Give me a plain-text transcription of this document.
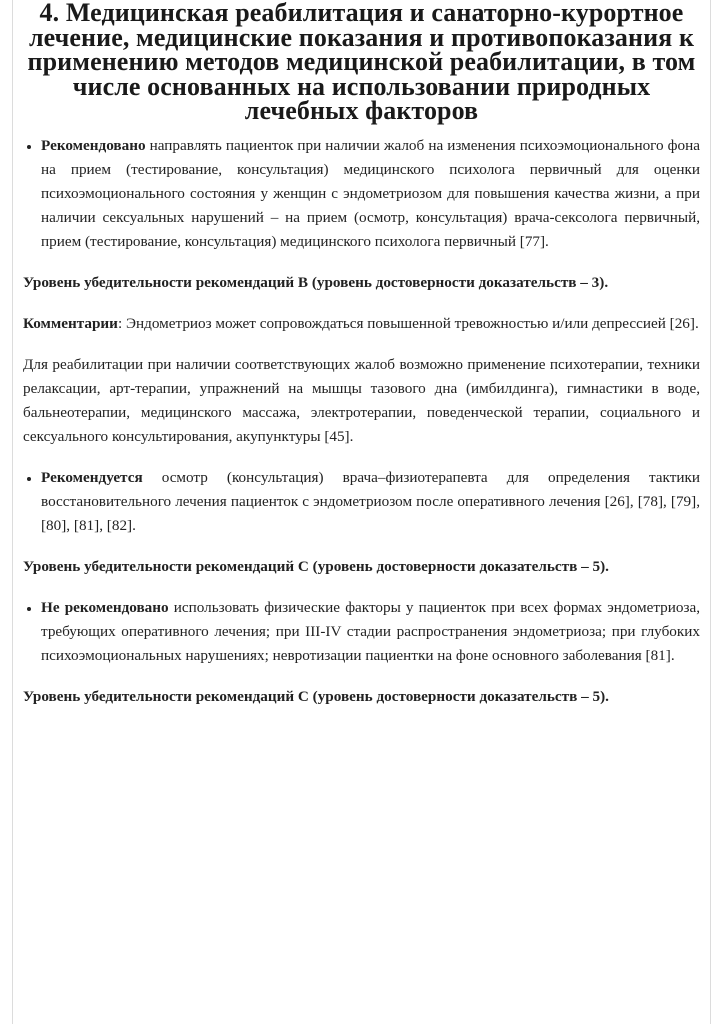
4. Медицинская реабилитация и санаторно-курортное лечение, медицинские показания и противопоказания к применению методов медицинской реабилитации, в том числе основанных на использовании природных лечебных факторов
• Рекомендовано направлять пациенток при наличии жалоб на изменения психоэмоционального фона на прием (тестирование, консультация) медицинского психолога первичный для оценки психоэмоционального состояния у женщин с эндометриозом для повышения качества жизни, а при наличии сексуальных нарушений – на прием (осмотр, консультация) врача-сексолога первичный, прием (тестирование, консультация) медицинского психолога первичный [77].

Уровень убедительности рекомендаций B (уровень достоверности доказательств – 3).

Комментарии: Эндометриоз может сопровождаться повышенной тревожностью и/или депрессией [26].

Для реабилитации при наличии соответствующих жалоб возможно применение психотерапии, техники релаксации, арт-терапии, упражнений на мышцы тазового дна (имбилдинга), гимнастики в воде, бальнеотерапии, медицинского массажа, электротерапии, поведенческой терапии, социального и сексуального консультирования, акупунктуры [45].

• Рекомендуется осмотр (консультация) врача–физиотерапевта для определения тактики восстановительного лечения пациенток с эндометриозом после оперативного лечения [26], [78], [79], [80], [81], [82].

Уровень убедительности рекомендаций C (уровень достоверности доказательств – 5).

• Не рекомендовано использовать физические факторы у пациенток при всех формах эндометриоза, требующих оперативного лечения; при III-IV стадии распространения эндометриоза; при глубоких психоэмоциональных нарушениях; невротизации пациентки на фоне основного заболевания [81].

Уровень убедительности рекомендаций C (уровень достоверности доказательств – 5).
